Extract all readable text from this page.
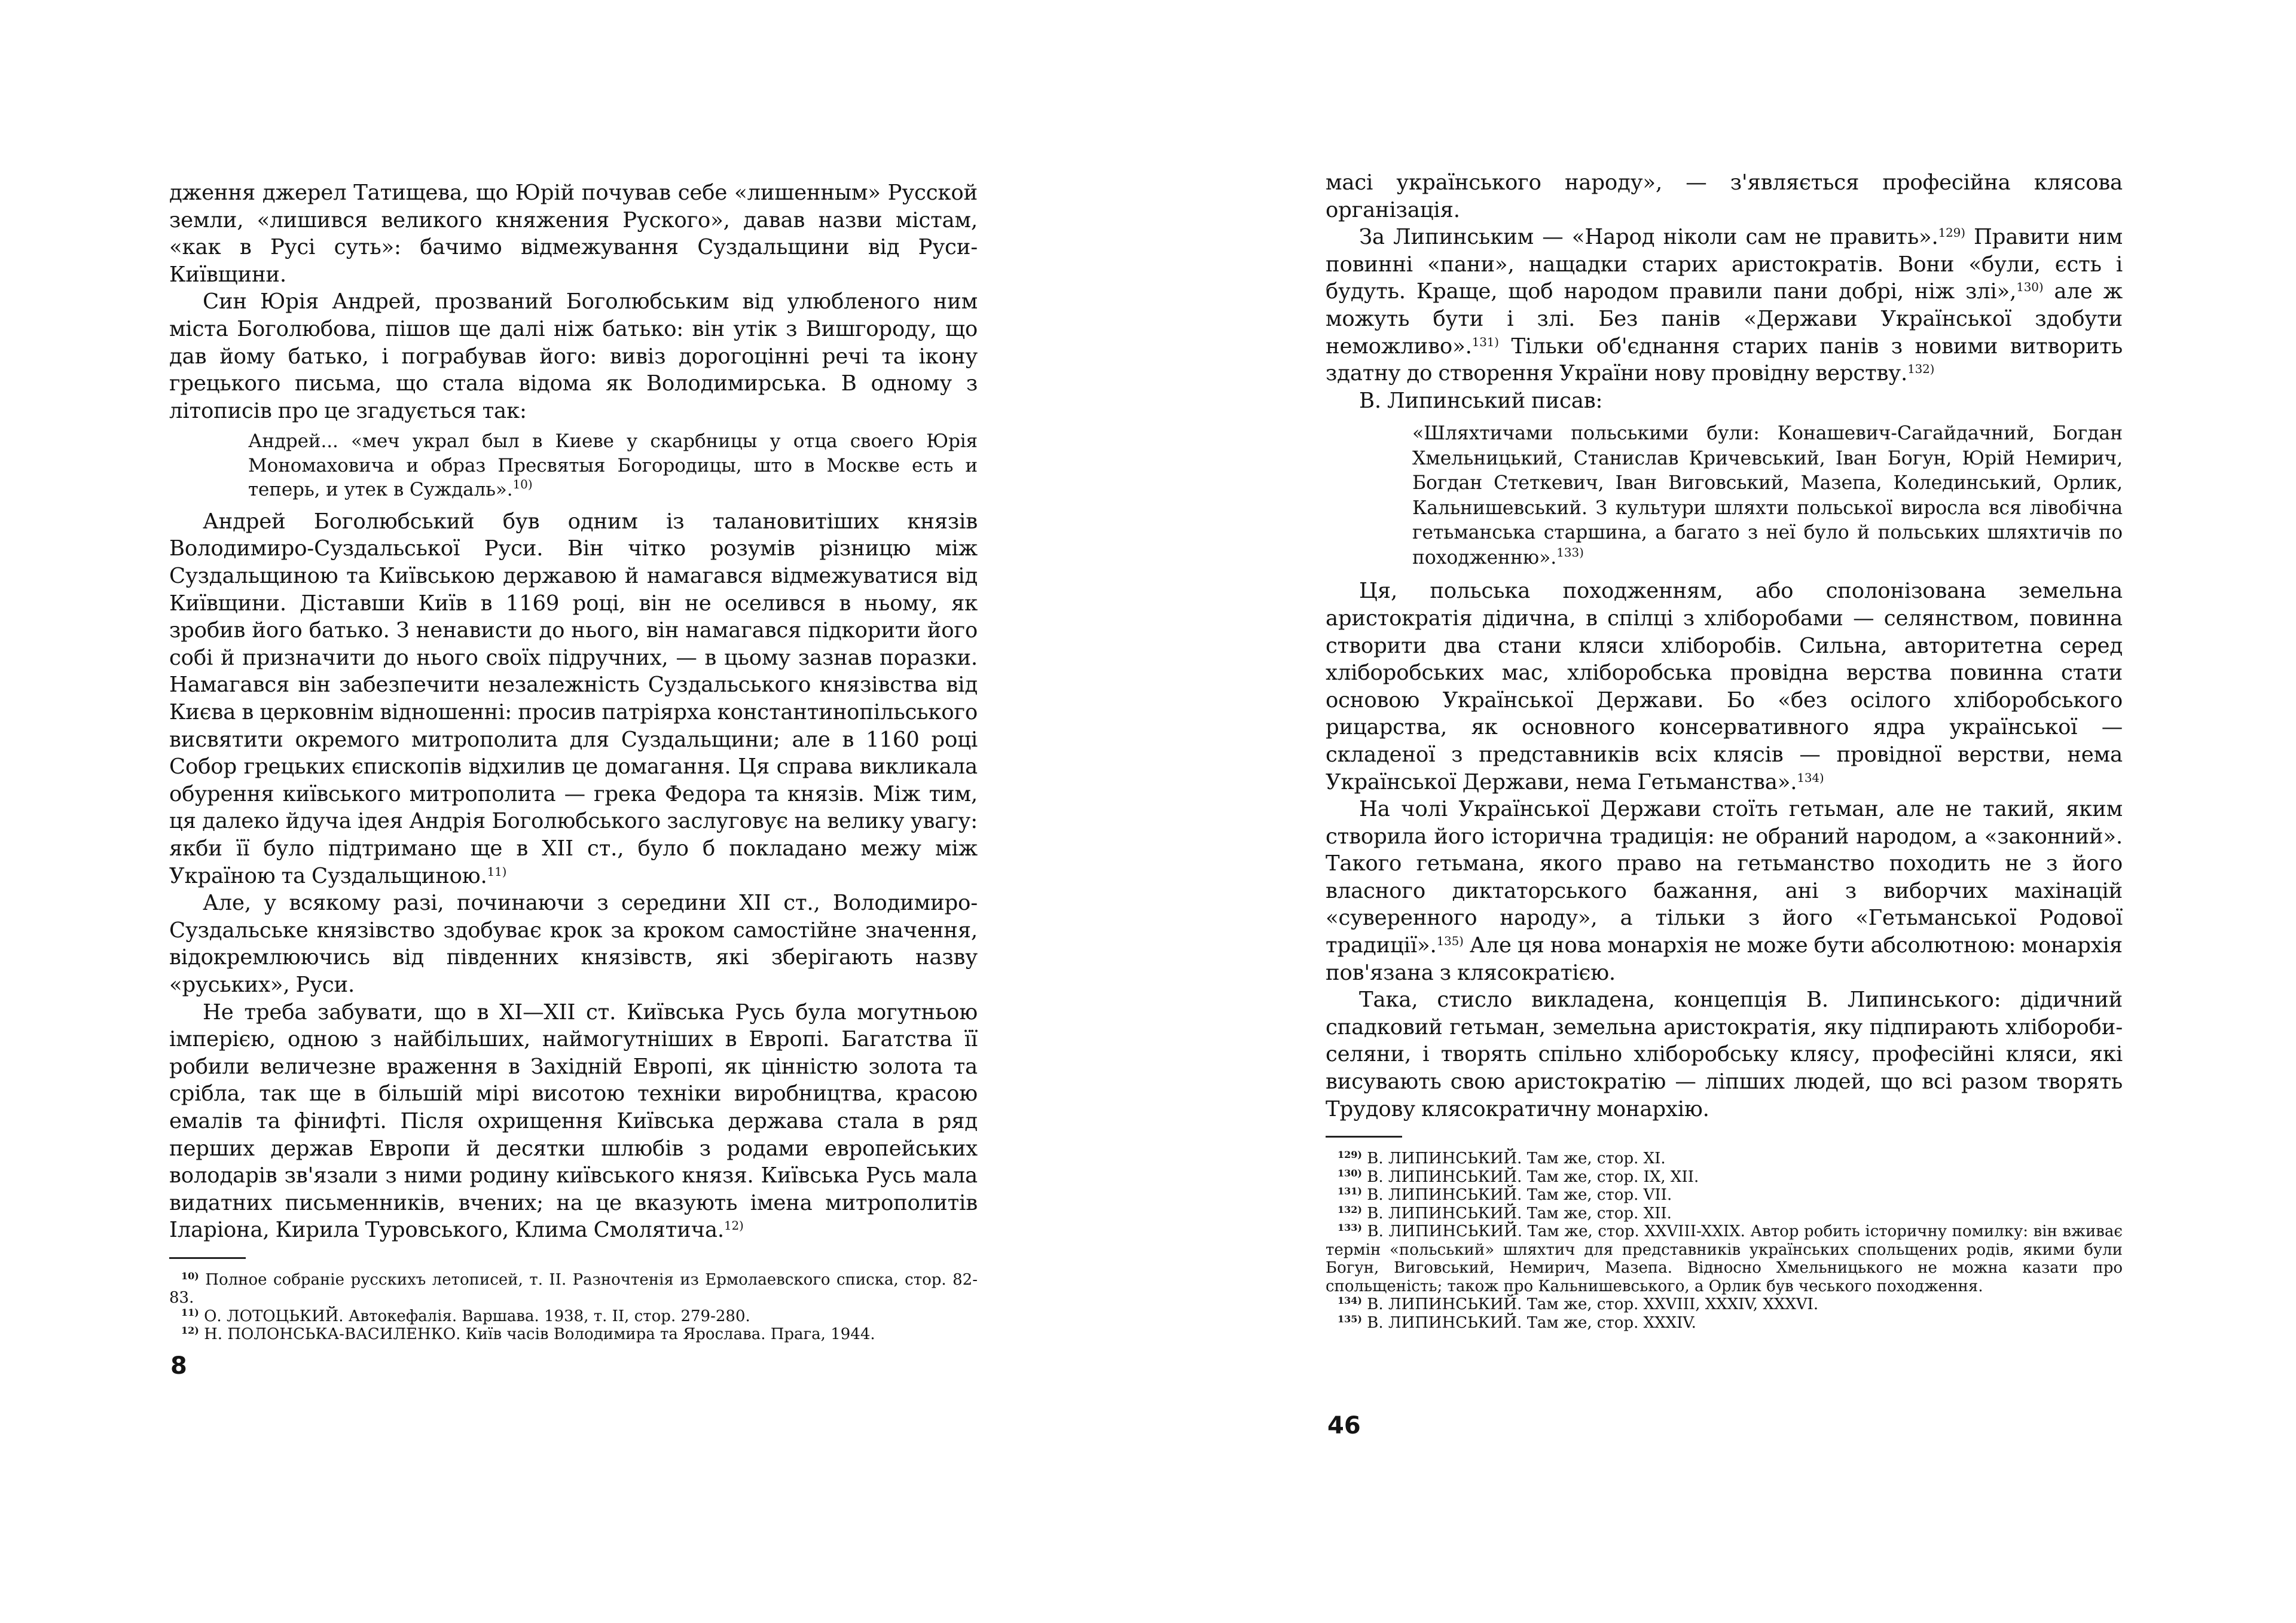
дження джерел Татищева, що Юрій почував себе «лишенным» Русской земли, «лишився великого княжения Руского», давав назви містам, «как в Русі суть»: бачимо відмежування Суздальщини від Руси-Київщини.

Син Юрія Андрей, прозваний Боголюбським від улюбленого ним міста Боголюбова, пішов ще далі ніж батько: він утік з Вишгороду, що дав йому батько, і пограбував його: вивіз дорогоцінні речі та ікону грецького письма, що стала відома як Володимирська. В одному з літописів про це згадується так:

Андрей... «меч украл был в Киеве у скарбницы у отца своего Юрія Мономаховича и образ Пресвятыя Богородицы, што в Москве есть и теперь, и утек в Суждаль».$^{10)}$

Андрей Боголюбський був одним із талановитіших князів Володимиро-Суздальської Руси. Він чітко розумів різницю між Суздальщиною та Київською державою й намагався відмежуватися від Київщини. Діставши Київ в 1169 році, він не оселився в ньому, як зробив його батько. З ненависти до нього, він намагався підкорити його собі й призначити до нього своїх підручних, — в цьому зазнав поразки. Намагався він забезпечити незалежність Суздальського князівства від Києва в церковнім відношенні: просив патріярха константинопільського висвятити окремого митрополита для Суздальщини; але в 1160 році Собор грецьких єпископів відхилив це домагання. Ця справа викликала обурення київського митрополита — грека Федора та князів. Між тим, ця далеко йдуча ідея Андрія Боголюбського заслуговує на велику увагу: якби її було підтримано ще в XII ст., було б покладано межу між Україною та Суздальщиною.$^{11)}$

Але, у всякому разі, починаючи з середини XII ст., Володимиро-Суздальське князівство здобуває крок за кроком самостійне значення, відокремлюючись від південних князівств, які зберігають назву «руських», Руси.

Не треба забувати, що в XI—XII ст. Київська Русь була могутньою імперією, одною з найбільших, наймогутніших в Европі. Багатства її робили величезне враження в Західній Европі, як цінністю золота та срібла, так ще в більшій мірі висотою техніки виробництва, красою емалів та фінифті. Після охрищення Київська держава стала в ряд перших держав Европи й десятки шлюбів з родами европейських володарів зв'язали з ними родину київського князя. Київська Русь мала видатних письменників, вчених; на це вказують імена митрополитів Іларіона, Кирила Туровського, Клима Смолятича.$^{12)}$

$^{10)}$ Полное собраніе русскихъ летописей, т. II. Разночтенія из Ермолаевского списка, стор. 82-83.

$^{11)}$ О. ЛОТОЦЬКИЙ. Автокефалія. Варшава. 1938, т. II, стор. 279-280.

$^{12)}$ Н. ПОЛОНСЬКА-ВАСИЛЕНКО. Київ часів Володимира та Ярослава. Прага, 1944.

8

масі українського народу», — з'являється професійна клясова організація.

За Липинським — «Народ ніколи сам не править».$^{129)}$ Правити ним повинні «пани», нащадки старих аристократів. Вони «були, єсть і будуть. Краще, щоб народом правили пани добрі, ніж злі»,$^{130)}$ але ж можуть бути і злі. Без панів «Держави Української здобути неможливо».$^{131)}$ Тільки об'єднання старих панів з новими витворить здатну до створення України нову провідну верству.$^{132)}$

В. Липинський писав:

«Шляхтичами польськими були: Конашевич-Сагайдачний, Богдан Хмельницький, Станислав Кричевський, Іван Богун, Юрій Немирич, Богдан Стеткевич, Іван Виговський, Мазепа, Колединський, Орлик, Кальнишевський. З культури шляхти польської виросла вся лівобічна гетьманська старшина, а багато з неї було й польських шляхтичів по походженню».$^{133)}$

Ця, польська походженням, або сполонізована земельна аристократія дідична, в спілці з хліборобами — селянством, повинна створити два стани кляси хліборобів. Сильна, авторитетна серед хліборобських мас, хліборобська провідна верства повинна стати основою Української Держави. Бо «без осілого хліборобського рицарства, як основного консервативного ядра української — складеної з представників всіх клясів — провідної верстви, нема Української Держави, нема Гетьманства».$^{134)}$

На чолі Української Держави стоїть гетьман, але не такий, яким створила його історична традиція: не обраний народом, а «законний». Такого гетьмана, якого право на гетьманство походить не з його власного диктаторського бажання, ані з виборчих махінацій «суверенного народу», а тільки з його «Гетьманської Родової традиції».$^{135)}$ Але ця нова монархія не може бути абсолютною: монархія пов'язана з клясократією.

Така, стисло викладена, концепція В. Липинського: дідичний спадковий гетьман, земельна аристократія, яку підпирають хлібороби-селяни, і творять спільно хліборобську клясу, професійні кляси, які висувають свою аристократію — ліпших людей, що всі разом творять Трудову клясократичну монархію.

$^{129)}$ В. ЛИПИНСЬКИЙ. Там же, стор. XI.

$^{130)}$ В. ЛИПИНСЬКИЙ. Там же, стор. IX, XII.

$^{131)}$ В. ЛИПИНСЬКИЙ. Там же, стор. VII.

$^{132)}$ В. ЛИПИНСЬКИЙ. Там же, стор. XII.

$^{133)}$ В. ЛИПИНСЬКИЙ. Там же, стор. XXVIII-XXIX. Автор робить історичну помилку: він вживає термін «польський» шляхтич для представників українських спольщених родів, якими були Богун, Виговський, Немирич, Мазепа. Відносно Хмельницького не можна казати про спольщеність; також про Кальнишевського, а Орлик був чеського походження.

$^{134)}$ В. ЛИПИНСЬКИЙ. Там же, стор. XXVIII, XXXIV, XXXVI.

$^{135)}$ В. ЛИПИНСЬКИЙ. Там же, стор. XXXIV.

46
